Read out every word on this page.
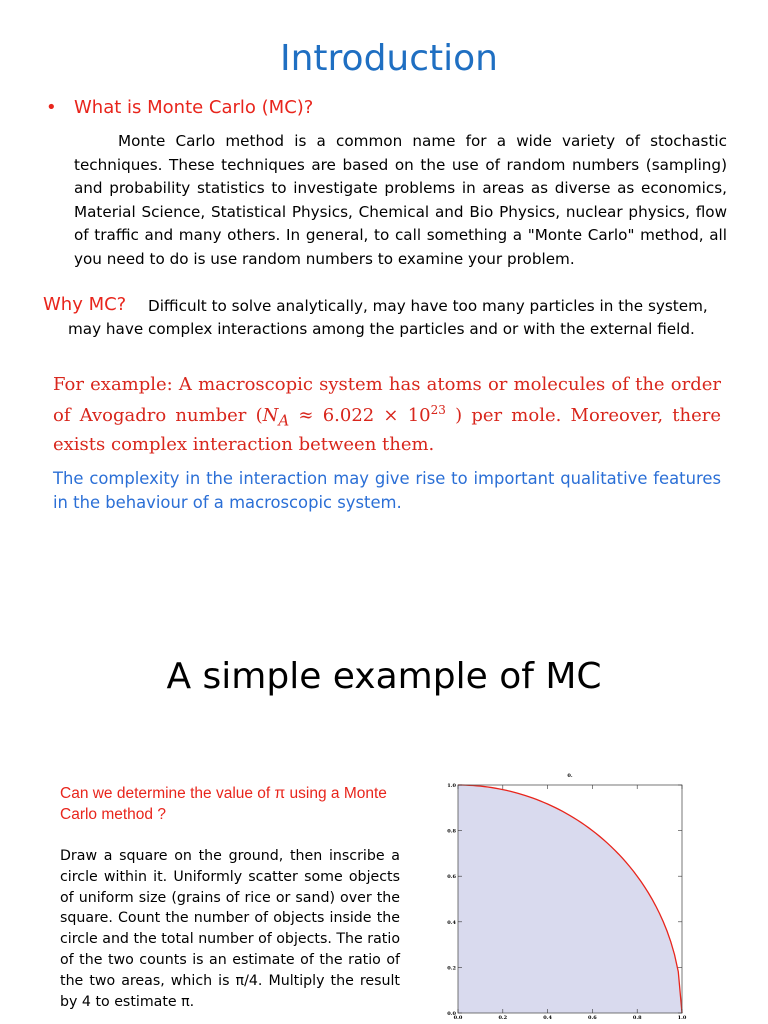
Introduction
• What is Monte Carlo (MC)?
Monte Carlo method is a common name for a wide variety of stochastic techniques. These techniques are based on the use of random numbers (sampling) and probability statistics to investigate problems in areas as diverse as economics, Material Science, Statistical Physics, Chemical and Bio Physics, nuclear physics, flow of traffic and many others. In general, to call something a "Monte Carlo" method, all you need to do is use random numbers to examine your problem.
Why MC? Difficult to solve analytically, may have too many particles in the system,
may have complex interactions among the particles and or with the external field.
For example: A macroscopic system has atoms or molecules of the order of Avogadro number ($N_A \approx 6.022 \times 10^{23}$ ) per mole. Moreover, there exists complex interaction between them.
The complexity in the interaction may give rise to important qualitative features in the behaviour of a macroscopic system.
A simple example of MC
Can we determine the value of π using a Monte Carlo method ?
Draw a square on the ground, then inscribe a circle within it. Uniformly scatter some objects of uniform size (grains of rice or sand) over the square. Count the number of objects inside the circle and the total number of objects. The ratio of the two counts is an estimate of the ratio of the two areas, which is π/4. Multiply the result by 4 to estimate π.
0.0	0.2	0.4	0.6	0.8	1.0
0.0
0.2
0.4
0.6
0.8
1.0
0.
